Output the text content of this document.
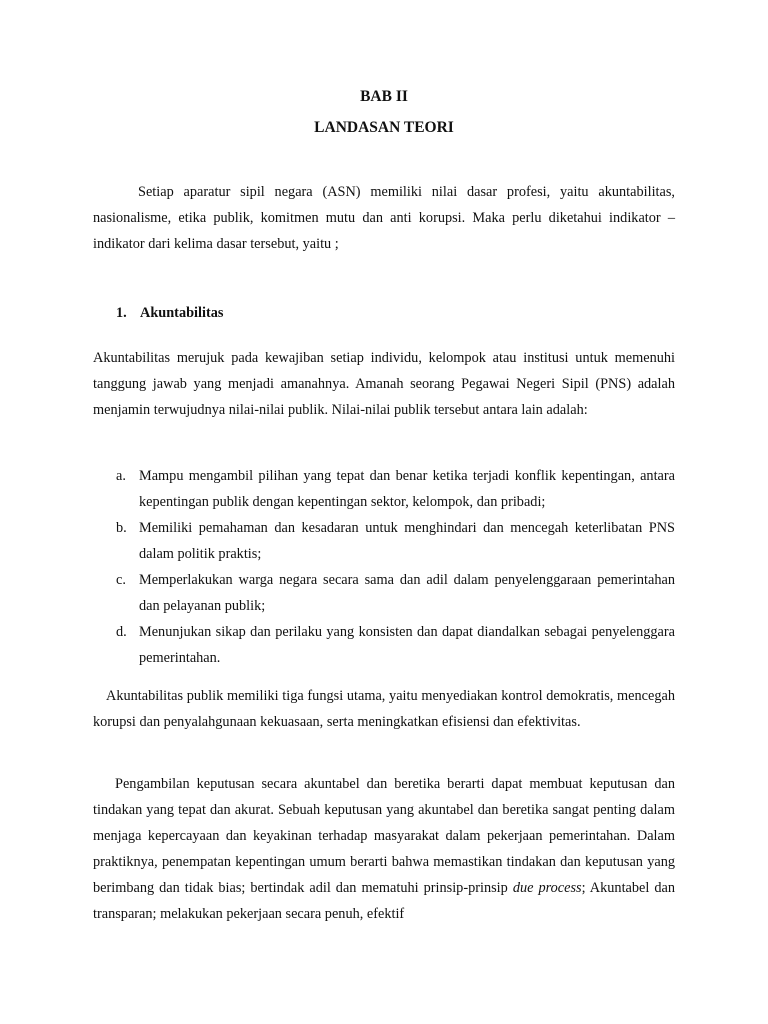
BAB II
LANDASAN TEORI

Setiap aparatur sipil negara (ASN) memiliki nilai dasar profesi, yaitu akuntabilitas, nasionalisme, etika publik, komitmen mutu dan anti korupsi. Maka perlu diketahui indikator – indikator dari kelima dasar tersebut, yaitu ;

1. Akuntabilitas

Akuntabilitas merujuk pada kewajiban setiap individu, kelompok atau institusi untuk memenuhi tanggung jawab yang menjadi amanahnya. Amanah seorang Pegawai Negeri Sipil (PNS) adalah menjamin terwujudnya nilai-nilai publik. Nilai-nilai publik tersebut antara lain adalah:

a. Mampu mengambil pilihan yang tepat dan benar ketika terjadi konflik kepentingan, antara kepentingan publik dengan kepentingan sektor, kelompok, dan pribadi;
b. Memiliki pemahaman dan kesadaran untuk menghindari dan mencegah keterlibatan PNS dalam politik praktis;
c. Memperlakukan warga negara secara sama dan adil dalam penyelenggaraan pemerintahan dan pelayanan publik;
d. Menunjukan sikap dan perilaku yang konsisten dan dapat diandalkan sebagai penyelenggara pemerintahan.

Akuntabilitas publik memiliki tiga fungsi utama, yaitu menyediakan kontrol demokratis, mencegah korupsi dan penyalahgunaan kekuasaan, serta meningkatkan efisiensi dan efektivitas.

Pengambilan keputusan secara akuntabel dan beretika berarti dapat membuat keputusan dan tindakan yang tepat dan akurat. Sebuah keputusan yang akuntabel dan beretika sangat penting dalam menjaga kepercayaan dan keyakinan terhadap masyarakat dalam pekerjaan pemerintahan. Dalam praktiknya, penempatan kepentingan umum berarti bahwa memastikan tindakan dan keputusan yang berimbang dan tidak bias; bertindak adil dan mematuhi prinsip-prinsip due process; Akuntabel dan transparan; melakukan pekerjaan secara penuh, efektif
